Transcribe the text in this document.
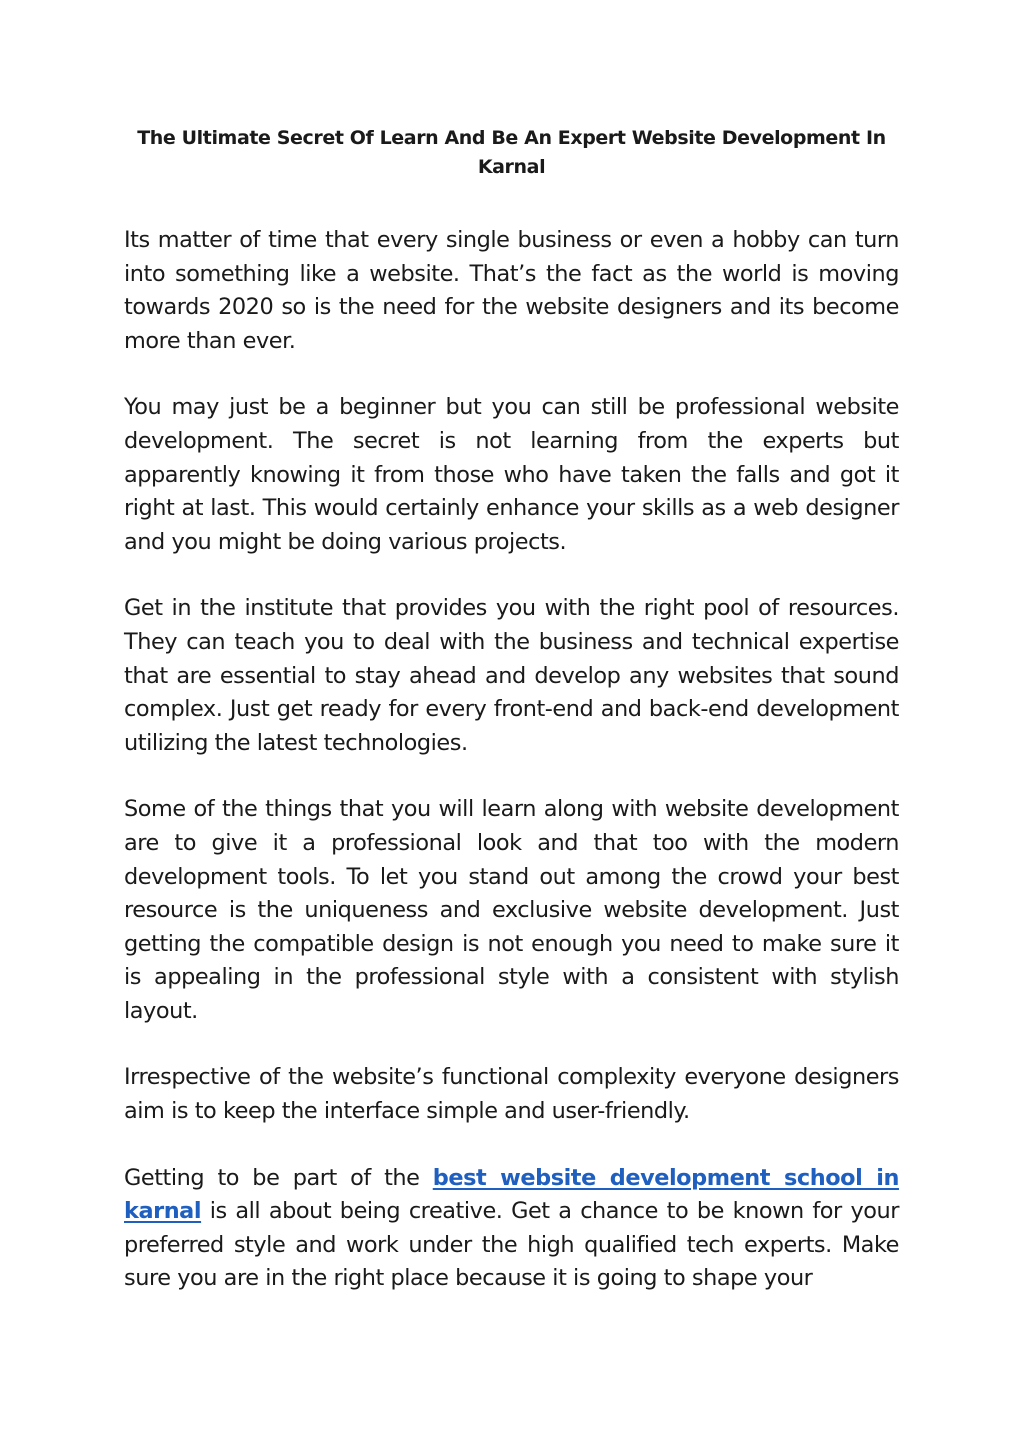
The Ultimate Secret Of Learn And Be An Expert Website Development In Karnal

Its matter of time that every single business or even a hobby can turn into something like a website. That’s the fact as the world is moving towards 2020 so is the need for the website designers and its become more than ever.

You may just be a beginner but you can still be professional website development. The secret is not learning from the experts but apparently knowing it from those who have taken the falls and got it right at last. This would certainly enhance your skills as a web designer and you might be doing various projects.

Get in the institute that provides you with the right pool of resources. They can teach you to deal with the business and technical expertise that are essential to stay ahead and develop any websites that sound complex. Just get ready for every front-end and back-end development utilizing the latest technologies.

Some of the things that you will learn along with website development are to give it a professional look and that too with the modern development tools. To let you stand out among the crowd your best resource is the uniqueness and exclusive website development. Just getting the compatible design is not enough you need to make sure it is appealing in the professional style with a consistent with stylish layout.

Irrespective of the website’s functional complexity everyone designers aim is to keep the interface simple and user-friendly.

Getting to be part of the best website development school in karnal is all about being creative. Get a chance to be known for your preferred style and work under the high qualified tech experts. Make sure you are in the right place because it is going to shape your
